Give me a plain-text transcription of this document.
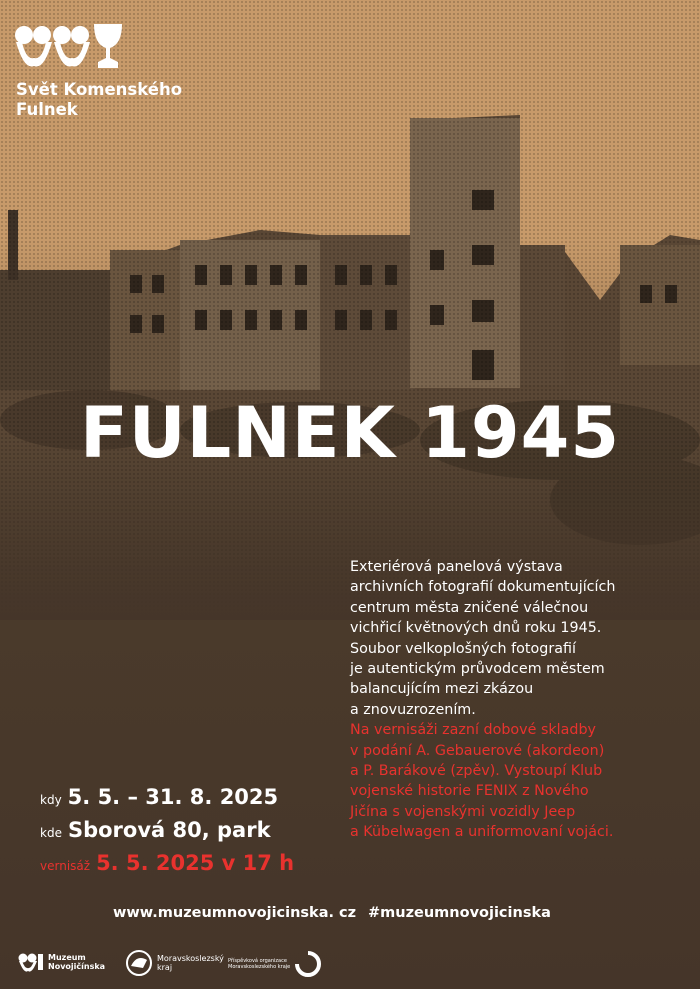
Svět Komenského
Fulnek
FULNEK 1945
Exteriérová panelová výstava
archivních fotografií dokumentujících
centrum města zničené válečnou
vichřicí květnových dnů roku 1945.
Soubor velkoplošných fotografií
je autentickým průvodcem městem
balancujícím mezi zkázou
a znovuzrozením.
Na vernisáži zazní dobové skladby
v podání A. Gebauerové (akordeon)
a P. Barákové (zpěv). Vystoupí Klub
vojenské historie FENIX z Nového
Jičína s vojenskými vozidly Jeep
a Kübelwagen a uniformovaní vojáci.
kdy 5. 5. – 31. 8. 2025
kde Sborová 80, park
vernisáž 5. 5. 2025 v 17 h
www.muzeumnovojicinska. cz #muzeumnovojicinska
Muzeum
Novojičínska
Moravskoslezský
kraj
Příspěvková organizace
Moravskoslezského kraje
